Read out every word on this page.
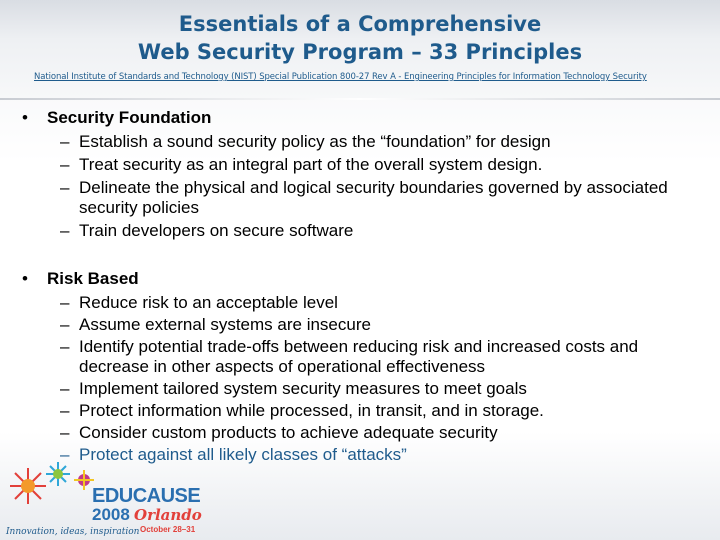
Essentials of a Comprehensive
Web Security Program – 33 Principles
National Institute of Standards and Technology (NIST) Special Publication 800-27 Rev A - Engineering Principles for Information Technology Security
• Security Foundation
– Establish a sound security policy as the “foundation” for design
– Treat security as an integral part of the overall system design.
– Delineate the physical and logical security boundaries governed by associated security policies
– Train developers on secure software
• Risk Based
– Reduce risk to an acceptable level
– Assume external systems are insecure
– Identify potential trade-offs between reducing risk and increased costs and decrease in other aspects of operational effectiveness
– Implement tailored system security measures to meet goals
– Protect information while processed, in transit, and in storage.
– Consider custom products to achieve adequate security
– Protect against all likely classes of “attacks”
EDUCAUSE
2008 Orlando
October 28–31
Innovation, ideas, inspiration
